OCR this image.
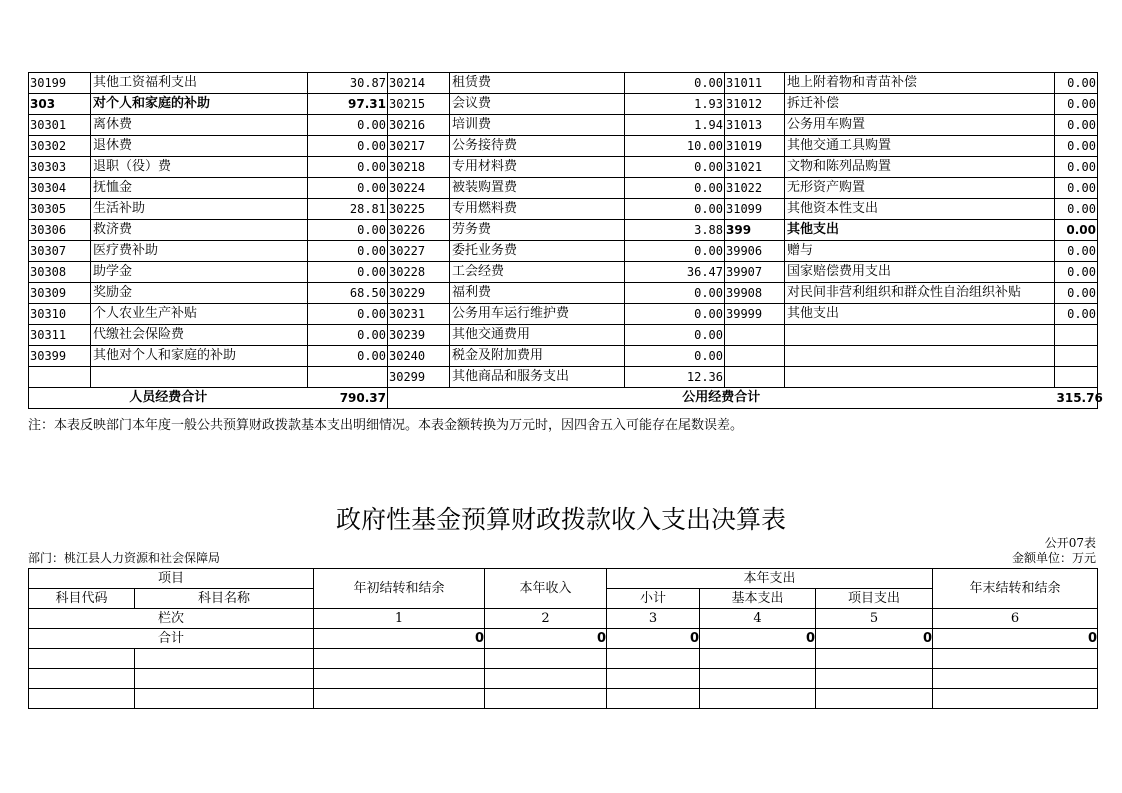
30199	其他工资福利支出	30.87	30214	租赁费	0.00	31011	地上附着物和青苗补偿	0.00
303	对个人和家庭的补助	97.31	30215	会议费	1.93	31012	拆迁补偿	0.00
30301	离休费	0.00	30216	培训费	1.94	31013	公务用车购置	0.00
30302	退休费	0.00	30217	公务接待费	10.00	31019	其他交通工具购置	0.00
30303	退职（役）费	0.00	30218	专用材料费	0.00	31021	文物和陈列品购置	0.00
30304	抚恤金	0.00	30224	被装购置费	0.00	31022	无形资产购置	0.00
30305	生活补助	28.81	30225	专用燃料费	0.00	31099	其他资本性支出	0.00
30306	救济费	0.00	30226	劳务费	3.88	399	其他支出	0.00
30307	医疗费补助	0.00	30227	委托业务费	0.00	39906	赠与	0.00
30308	助学金	0.00	30228	工会经费	36.47	39907	国家赔偿费用支出	0.00
30309	奖励金	68.50	30229	福利费	0.00	39908	对民间非营利组织和群众性自治组织补贴	0.00
30310	个人农业生产补贴	0.00	30231	公务用车运行维护费	0.00	39999	其他支出	0.00
30311	代缴社会保险费	0.00	30239	其他交通费用	0.00			
30399	其他对个人和家庭的补助	0.00	30240	税金及附加费用	0.00			
			30299	其他商品和服务支出	12.36			
人员经费合计		790.37	公用经费合计					315.76
注：本表反映部门本年度一般公共预算财政拨款基本支出明细情况。本表金额转换为万元时，因四舍五入可能存在尾数误差。
政府性基金预算财政拨款收入支出决算表
公开07表
部门：桃江县人力资源和社会保障局	金额单位：万元
项目		年初结转和结余	本年收入	本年支出			年末结转和结余
科目代码	科目名称			小计	基本支出	项目支出	
栏次		1	2	3	4	5	6
合计		0	0	0	0	0	0
